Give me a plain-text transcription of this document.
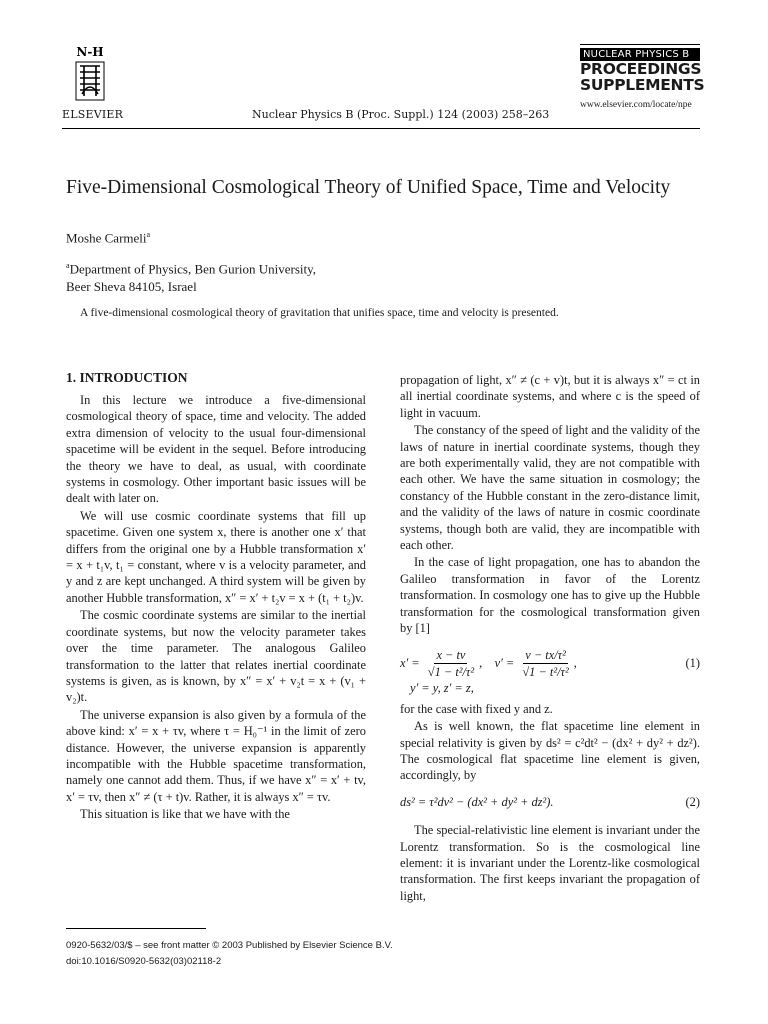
N-H
ELSEVIER	Nuclear Physics B (Proc. Suppl.) 124 (2003) 258–263
NUCLEAR PHYSICS B
PROCEEDINGS
SUPPLEMENTS
www.elsevier.com/locate/npe
Five-Dimensional Cosmological Theory of Unified Space, Time and Velocity
Moshe Carmeli$^a$
$^a$Department of Physics, Ben Gurion University,
Beer Sheva 84105, Israel
A five-dimensional cosmological theory of gravitation that unifies space, time and velocity is presented.
1. INTRODUCTION

In this lecture we introduce a five-dimensional cosmological theory of space, time and velocity. The added extra dimension of velocity to the usual four-dimensional spacetime will be evident in the sequel. Before introducing the theory we have to deal, as usual, with coordinate systems in cosmology. Other important basic issues will be dealt with later on.

We will use cosmic coordinate systems that fill up spacetime. Given one system x, there is another one x′ that differs from the original one by a Hubble transformation x′ = x + t₁v, t₁ = constant, where v is a velocity parameter, and y and z are kept unchanged. A third system will be given by another Hubble transformation, x″ = x′ + t₂v = x + (t₁ + t₂)v.

The cosmic coordinate systems are similar to the inertial coordinate systems, but now the velocity parameter takes over the time parameter. The analogous Galileo transformation to the latter that relates inertial coordinate systems is given, as is known, by x″ = x′ + v₂t = x + (v₁ + v₂)t.

The universe expansion is also given by a formula of the above kind: x′ = x + τv, where τ = H₀⁻¹ in the limit of zero distance. However, the universe expansion is apparently incompatible with the Hubble spacetime transformation, namely one cannot add them. Thus, if we have x″ = x′ + tv, x′ = τv, then x″ ≠ (τ + t)v. Rather, it is always x″ = τv.

This situation is like that we have with the

propagation of light, x″ ≠ (c + v)t, but it is always x″ = ct in all inertial coordinate systems, and where c is the speed of light in vacuum.

The constancy of the speed of light and the validity of the laws of nature in inertial coordinate systems, though they are both experimentally valid, they are not compatible with each other. We have the same situation in cosmology; the constancy of the Hubble constant in the zero-distance limit, and the validity of the laws of nature in cosmic coordinate systems, though both are valid, they are incompatible with each other.

In the case of light propagation, one has to abandon the Galileo transformation in favor of the Lorentz transformation. In cosmology one has to give up the Hubble transformation for the cosmological transformation given by [1]

$x' = \frac{x - tv}{\text{√1 − t²/τ²}}$ ,    $v' = \frac{\text{v − tx/τ²}}{\text{√1 − t²/τ²}}$ ,	(1)
y′ = y, z′ = z,

for the case with fixed y and z.

As is well known, the flat spacetime line element in special relativity is given by ds² = c²dt² − (dx² + dy² + dz²). The cosmological flat spacetime line element is given, accordingly, by

ds² = τ²dv² − (dx² + dy² + dz²).	(2)

The special-relativistic line element is invariant under the Lorentz transformation. So is the cosmological line element: it is invariant under the Lorentz-like cosmological transformation. The first keeps invariant the propagation of light,

0920-5632/03/$ – see front matter © 2003 Published by Elsevier Science B.V.
doi:10.1016/S0920-5632(03)02118-2
